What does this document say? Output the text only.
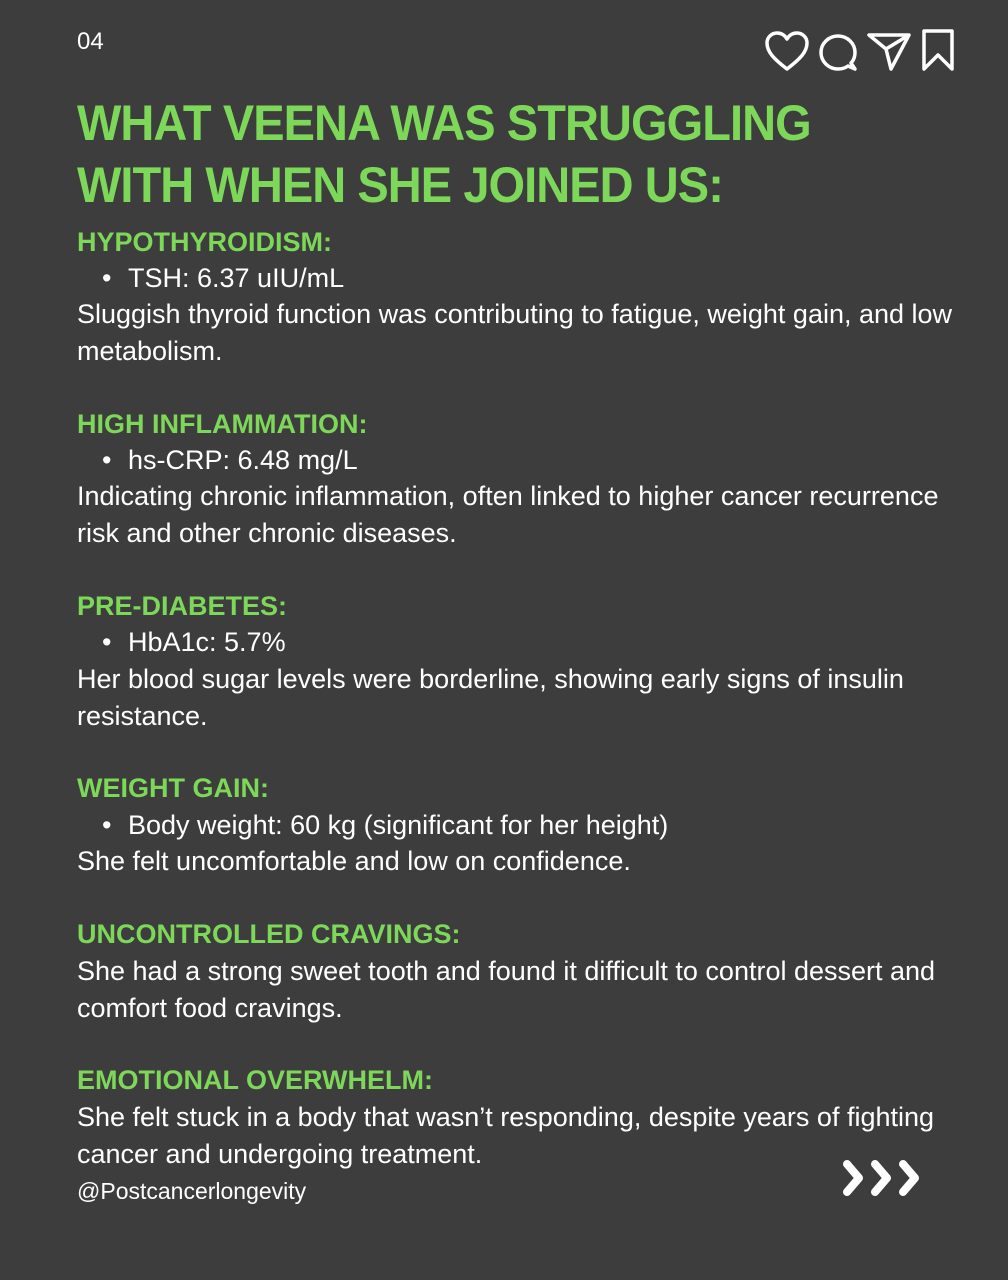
04
WHAT VEENA WAS STRUGGLING WITH WHEN SHE JOINED US:
HYPOTHYROIDISM:
• TSH: 6.37 uIU/mL

Sluggish thyroid function was contributing to fatigue, weight gain, and low metabolism.

HIGH INFLAMMATION:
• hs-CRP: 6.48 mg/L

Indicating chronic inflammation, often linked to higher cancer recurrence risk and other chronic diseases.

PRE-DIABETES:
• HbA1c: 5.7%

Her blood sugar levels were borderline, showing early signs of insulin resistance.

WEIGHT GAIN:
• Body weight: 60 kg (significant for her height)

She felt uncomfortable and low on confidence.

UNCONTROLLED CRAVINGS:

She had a strong sweet tooth and found it difficult to control dessert and comfort food cravings.

EMOTIONAL OVERWHELM:

She felt stuck in a body that wasn’t responding, despite years of fighting cancer and undergoing treatment.

@Postcancerlongevity
